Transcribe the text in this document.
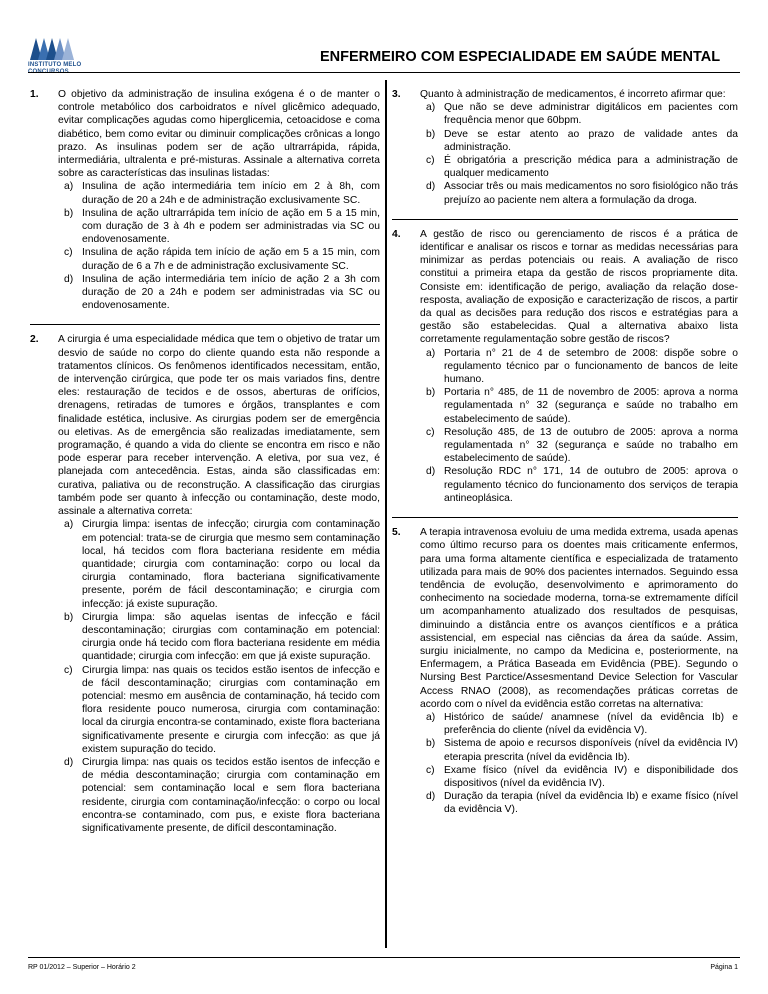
INSTITUTO MELO	ENFERMEIRO COM ESPECIALIDADE EM SAÚDE MENTAL
1.	O objetivo da administração de insulina exógena é o de manter o controle metabólico dos carboidratos e nível glicêmico adequado, evitar complicações agudas como hiperglicemia, cetoacidose e coma diabético, bem como evitar ou diminuir complicações crônicas a longo prazo. As insulinas podem ser de ação ultrarrápida, rápida, intermediária, ultralenta e pré-misturas. Assinale a alternativa correta sobre as características das insulinas listadas:
a) Insulina de ação intermediária tem início em 2 à 8h, com duração de 20 a 24h e de administração exclusivamente SC.
b) Insulina de ação ultrarrápida tem início de ação em 5 a 15 min, com duração de 3 à 4h e podem ser administradas via SC ou endovenosamente.
c) Insulina de ação rápida tem início de ação em 5 a 15 min, com duração de 6 a 7h e de administração exclusivamente SC.
d) Insulina de ação intermediária tem início de ação 2 a 3h com duração de 20 a 24h e podem ser administradas via SC ou endovenosamente.
2.	A cirurgia é uma especialidade médica que tem o objetivo de tratar um desvio de saúde no corpo do cliente quando esta não responde a tratamentos clínicos. Os fenômenos identificados necessitam, então, de intervenção cirúrgica, que pode ter os mais variados fins, dentre eles: restauração de tecidos e de ossos, aberturas de orifícios, drenagens, retiradas de tumores e órgãos, transplantes e com finalidade estética, inclusive. As cirurgias podem ser de emergência ou eletivas. As de emergência são realizadas imediatamente, sem programação, é quando a vida do cliente se encontra em risco e não pode esperar para receber intervenção. A eletiva, por sua vez, é planejada com antecedência. Estas, ainda são classificadas em: curativa, paliativa ou de reconstrução. A classificação das cirurgias também pode ser quanto à infecção ou contaminação, deste modo, assinale a alternativa correta:
a) Cirurgia limpa: isentas de infecção; cirurgia com contaminação em potencial: trata-se de cirurgia que mesmo sem contaminação local, há tecidos com flora bacteriana residente em média quantidade; cirurgia com contaminação: corpo ou local da cirurgia contaminado, flora bacteriana significativamente presente, porém de fácil descontaminação; e cirurgia com infecção: já existe supuração.
b) Cirurgia limpa: são aquelas isentas de infecção e fácil descontaminação; cirurgias com contaminação em potencial: cirurgia onde há tecido com flora bacteriana residente em média quantidade; cirurgia com infecção: em que já existe supuração.
c) Cirurgia limpa: nas quais os tecidos estão isentos de infecção e de fácil descontaminação; cirurgias com contaminação em potencial: mesmo em ausência de contaminação, há tecido com flora residente pouco numerosa, cirurgia com contaminação: local da cirurgia encontra-se contaminado, existe flora bacteriana significativamente presente e cirurgia com infecção: as que já existem supuração do tecido.
d) Cirurgia limpa: nas quais os tecidos estão isentos de infecção e de média descontaminação; cirurgia com contaminação em potencial: sem contaminação local e sem flora bacteriana residente, cirurgia com contaminação/infecção: o corpo ou local encontra-se contaminado, com pus, e existe flora bacteriana significativamente presente, de difícil descontaminação.
3.	Quanto à administração de medicamentos, é incorreto afirmar que:
a) Que não se deve administrar digitálicos em pacientes com frequência menor que 60bpm.
b) Deve se estar atento ao prazo de validade antes da administração.
c) É obrigatória a prescrição médica para a administração de qualquer medicamento
d) Associar três ou mais medicamentos no soro fisiológico não trás prejuízo ao paciente nem altera a formulação da droga.
4.	A gestão de risco ou gerenciamento de riscos é a prática de identificar e analisar os riscos e tornar as medidas necessárias para minimizar as perdas potenciais ou reais. A avaliação de risco constitui a primeira etapa da gestão de riscos propriamente dita. Consiste em: identificação de perigo, avaliação da relação dose-resposta, avaliação de exposição e caracterização de riscos, a partir da qual as decisões para redução dos riscos e estratégias para a gestão são estabelecidas. Qual a alternativa abaixo lista corretamente regulamentação sobre gestão de riscos?
a) Portaria n° 21 de 4 de setembro de 2008: dispõe sobre o regulamento técnico par o funcionamento de bancos de leite humano.
b) Portaria n° 485, de 11 de novembro de 2005: aprova a norma regulamentada n° 32 (segurança e saúde no trabalho em estabelecimento de saúde).
c) Resolução 485, de 13 de outubro de 2005: aprova a norma regulamentada n° 32 (segurança e saúde no trabalho em estabelecimento de saúde).
d) Resolução RDC n° 171, 14 de outubro de 2005: aprova o regulamento técnico do funcionamento dos serviços de terapia antineoplásica.
5.	A terapia intravenosa evoluiu de uma medida extrema, usada apenas como último recurso para os doentes mais criticamente enfermos, para uma forma altamente científica e especializada de tratamento utilizada para mais de 90% dos pacientes internados. Seguindo essa tendência de evolução, desenvolvimento e aprimoramento do conhecimento na sociedade moderna, torna-se extremamente difícil um acompanhamento atualizado dos resultados de pesquisas, diminuindo a distância entre os avanços científicos e a prática assistencial, em especial nas ciências da área da saúde. Assim, surgiu inicialmente, no campo da Medicina e, posteriormente, na Enfermagem, a Prática Baseada em Evidência (PBE). Segundo o Nursing Best Parctice/Assesmentand Device Selection for Vascular Access RNAO (2008), as recomendações práticas corretas de acordo com o nível da evidência estão corretas na alternativa:
a) Histórico de saúde/ anamnese (nível da evidência Ib) e preferência do cliente (nível da evidência V).
b) Sistema de apoio e recursos disponíveis (nível da evidência IV) eterapia prescrita (nível da evidência Ib).
c) Exame físico (nível da evidência IV) e disponibilidade dos dispositivos (nível da evidência IV).
d) Duração da terapia (nível da evidência Ib) e exame físico (nível da evidência V).
RP 01/2012 – Superior – Horário 2	Página 1
